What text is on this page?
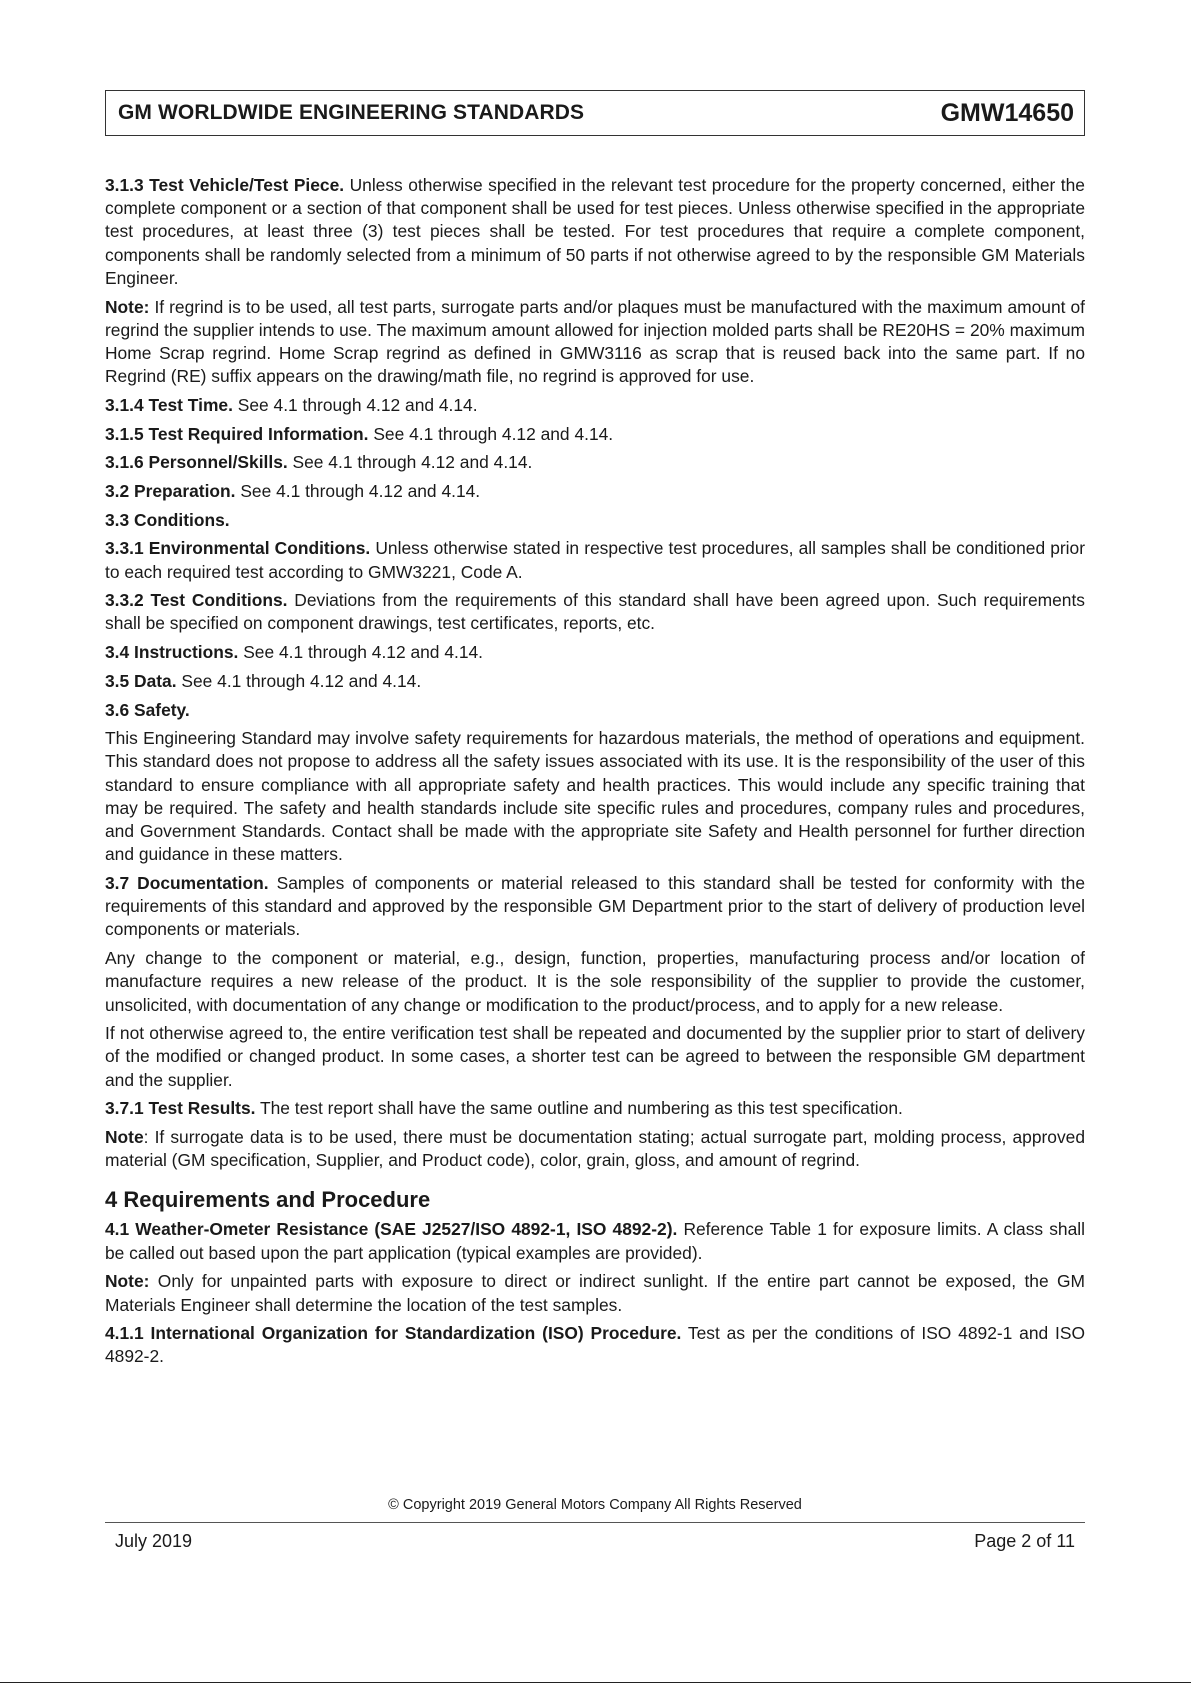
GM WORLDWIDE ENGINEERING STANDARDS	GMW14650

3.1.3 Test Vehicle/Test Piece. Unless otherwise specified in the relevant test procedure for the property concerned, either the complete component or a section of that component shall be used for test pieces. Unless otherwise specified in the appropriate test procedures, at least three (3) test pieces shall be tested. For test procedures that require a complete component, components shall be randomly selected from a minimum of 50 parts if not otherwise agreed to by the responsible GM Materials Engineer.

Note: If regrind is to be used, all test parts, surrogate parts and/or plaques must be manufactured with the maximum amount of regrind the supplier intends to use. The maximum amount allowed for injection molded parts shall be RE20HS = 20% maximum Home Scrap regrind. Home Scrap regrind as defined in GMW3116 as scrap that is reused back into the same part. If no Regrind (RE) suffix appears on the drawing/math file, no regrind is approved for use.

3.1.4 Test Time. See 4.1 through 4.12 and 4.14.

3.1.5 Test Required Information. See 4.1 through 4.12 and 4.14.

3.1.6 Personnel/Skills. See 4.1 through 4.12 and 4.14.

3.2 Preparation. See 4.1 through 4.12 and 4.14.

3.3 Conditions.

3.3.1 Environmental Conditions. Unless otherwise stated in respective test procedures, all samples shall be conditioned prior to each required test according to GMW3221, Code A.

3.3.2 Test Conditions. Deviations from the requirements of this standard shall have been agreed upon. Such requirements shall be specified on component drawings, test certificates, reports, etc.

3.4 Instructions. See 4.1 through 4.12 and 4.14.

3.5 Data. See 4.1 through 4.12 and 4.14.

3.6 Safety.

This Engineering Standard may involve safety requirements for hazardous materials, the method of operations and equipment. This standard does not propose to address all the safety issues associated with its use. It is the responsibility of the user of this standard to ensure compliance with all appropriate safety and health practices. This would include any specific training that may be required. The safety and health standards include site specific rules and procedures, company rules and procedures, and Government Standards. Contact shall be made with the appropriate site Safety and Health personnel for further direction and guidance in these matters.

3.7 Documentation. Samples of components or material released to this standard shall be tested for conformity with the requirements of this standard and approved by the responsible GM Department prior to the start of delivery of production level components or materials.

Any change to the component or material, e.g., design, function, properties, manufacturing process and/or location of manufacture requires a new release of the product. It is the sole responsibility of the supplier to provide the customer, unsolicited, with documentation of any change or modification to the product/process, and to apply for a new release.

If not otherwise agreed to, the entire verification test shall be repeated and documented by the supplier prior to start of delivery of the modified or changed product. In some cases, a shorter test can be agreed to between the responsible GM department and the supplier.

3.7.1 Test Results. The test report shall have the same outline and numbering as this test specification.

Note: If surrogate data is to be used, there must be documentation stating; actual surrogate part, molding process, approved material (GM specification, Supplier, and Product code), color, grain, gloss, and amount of regrind.

4 Requirements and Procedure

4.1 Weather-Ometer Resistance (SAE J2527/ISO 4892-1, ISO 4892-2). Reference Table 1 for exposure limits. A class shall be called out based upon the part application (typical examples are provided).

Note: Only for unpainted parts with exposure to direct or indirect sunlight. If the entire part cannot be exposed, the GM Materials Engineer shall determine the location of the test samples.

4.1.1 International Organization for Standardization (ISO) Procedure. Test as per the conditions of ISO 4892-1 and ISO 4892-2.

© Copyright 2019 General Motors Company All Rights Reserved
July 2019	Page 2 of 11
